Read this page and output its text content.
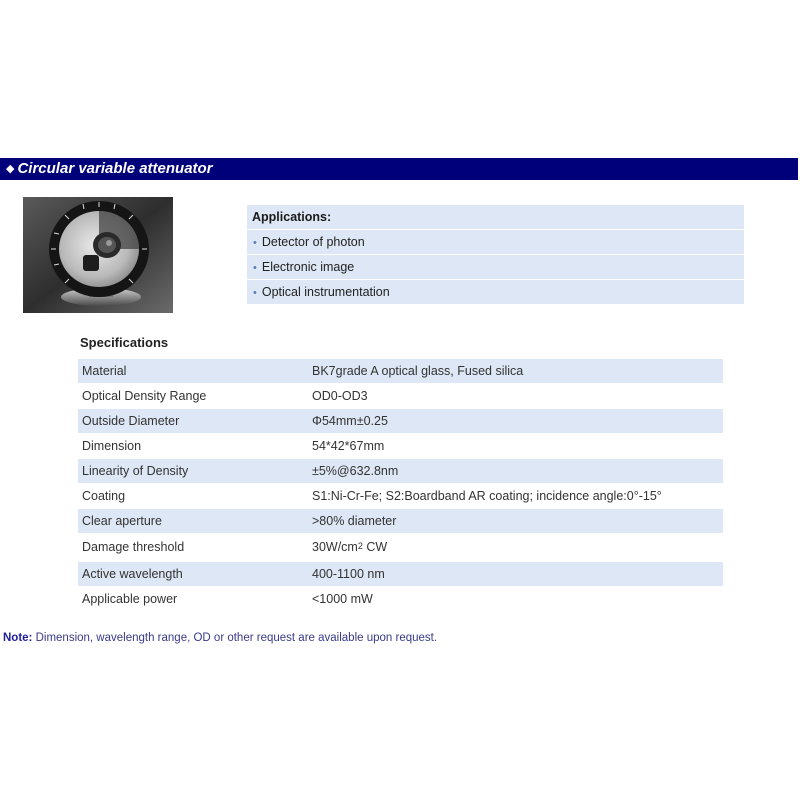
◆ Circular variable attenuator
Applications:
• Detector of photon
• Electronic image
• Optical instrumentation
Specifications
Material	BK7grade A optical glass, Fused silica
Optical Density Range	OD0-OD3
Outside Diameter	Φ54mm±0.25
Dimension	54*42*67mm
Linearity of Density	±5%@632.8nm
Coating	S1:Ni-Cr-Fe; S2:Boardband AR coating; incidence angle:0°-15°
Clear aperture	>80% diameter
Damage threshold	$30W/cm^2$ CW
Active wavelength	400-1100 nm
Applicable power	<1000 mW
Note: Dimension, wavelength range, OD or other request are available upon request.
